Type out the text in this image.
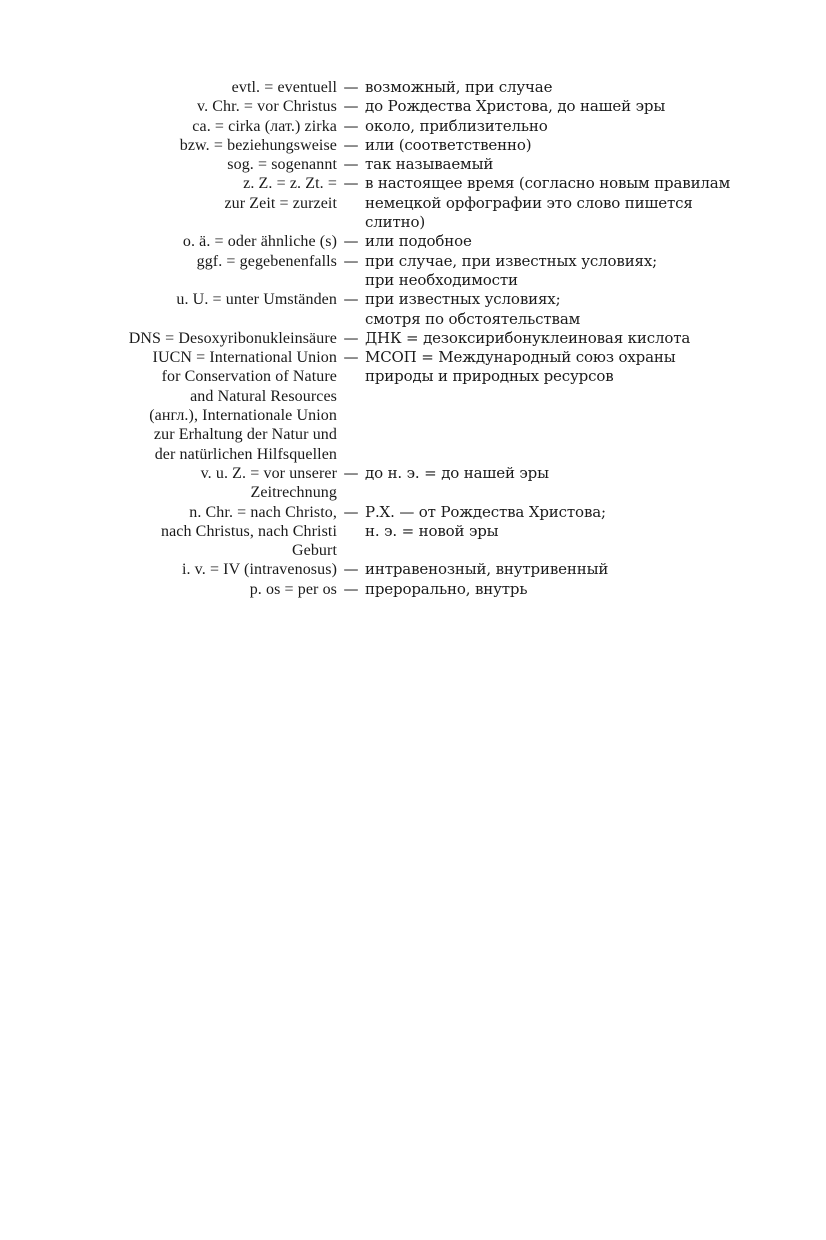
evtl. = eventuell — возможный, при случае
v. Chr. = vor Christus — до Рождества Христова, до нашей эры
ca. = cirka (лат.) zirka — около, приблизительно
bzw. = beziehungsweise — или (соответственно)
sog. = sogenannt — так называемый
z. Z. = z. Zt. =
zur Zeit = zurzeit
— в настоящее время (согласно новым правилам
немецкой орфографии это слово пишется
слитно)
o. ä. = oder ähnliche (s) — или подобное
ggf. = gegebenenfalls — при случае, при известных условиях;
при необходимости
u. U. = unter Umständen — при известных условиях;
смотря по обстоятельствам
DNS = Desoxyribonukleinsäure — ДНК = дезоксирибонуклеиновая кислота
IUCN = International Union
for Conservation of Nature
and Natural Resources
(англ.), Internationale Union
zur Erhaltung der Natur und
der natürlichen Hilfsquellen
— МСОП = Международный союз охраны
природы и природных ресурсов
v. u. Z. = vor unserer
Zeitrechnung
— до н. э. = до нашей эры
n. Chr. = nach Christo,
nach Christus, nach Christi
Geburt
— Р.Х. — от Рождества Христова;
н. э. = новой эры
i. v. = IV (intravenosus) — интравенозный, внутривенный
p. os = per os — прерорально, внутрь
